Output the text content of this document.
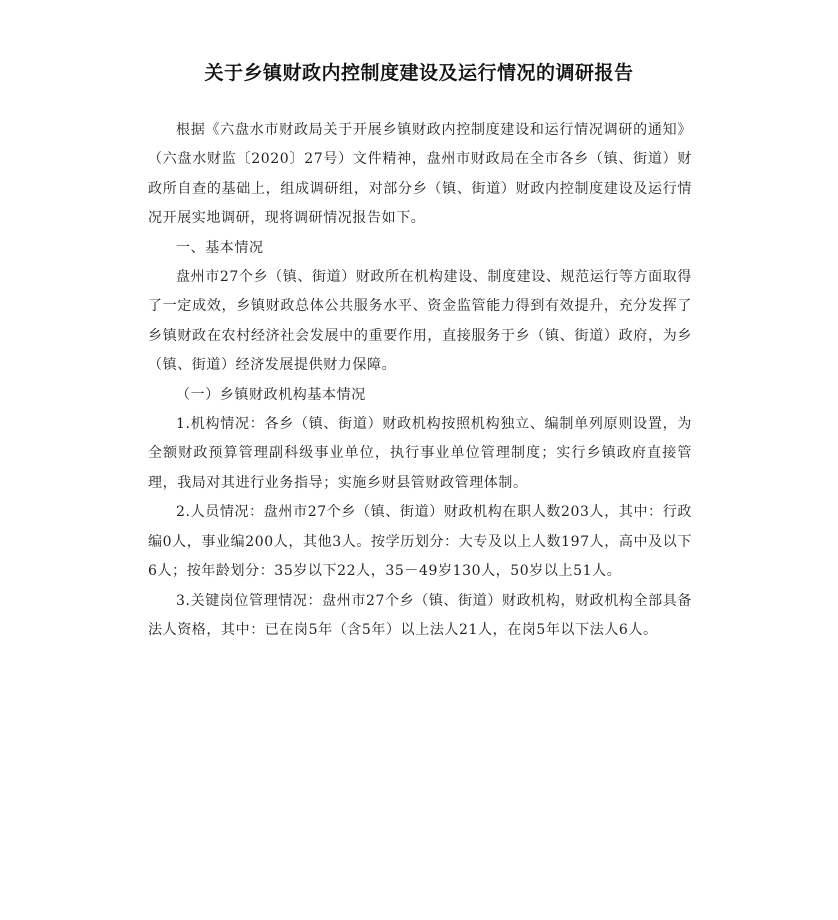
关于乡镇财政内控制度建设及运行情况的调研报告

根据《六盘水市财政局关于开展乡镇财政内控制度建设和运行情况调研的通知》（六盘水财监〔2020〕27号）文件精神，盘州市财政局在全市各乡（镇、街道）财政所自查的基础上，组成调研组，对部分乡（镇、街道）财政内控制度建设及运行情况开展实地调研，现将调研情况报告如下。

一、基本情况

盘州市27个乡（镇、街道）财政所在机构建设、制度建设、规范运行等方面取得了一定成效，乡镇财政总体公共服务水平、资金监管能力得到有效提升，充分发挥了乡镇财政在农村经济社会发展中的重要作用，直接服务于乡（镇、街道）政府，为乡（镇、街道）经济发展提供财力保障。

（一）乡镇财政机构基本情况

1.机构情况：各乡（镇、街道）财政机构按照机构独立、编制单列原则设置，为全额财政预算管理副科级事业单位，执行事业单位管理制度；实行乡镇政府直接管理，我局对其进行业务指导；实施乡财县管财政管理体制。

2.人员情况：盘州市27个乡（镇、街道）财政机构在职人数203人，其中：行政编0人，事业编200人，其他3人。按学历划分：大专及以上人数197人，高中及以下6人；按年龄划分：35岁以下22人，35－49岁130人，50岁以上51人。

3.关键岗位管理情况：盘州市27个乡（镇、街道）财政机构，财政机构全部具备法人资格，其中：已在岗5年（含5年）以上法人21人，在岗5年以下法人6人。
